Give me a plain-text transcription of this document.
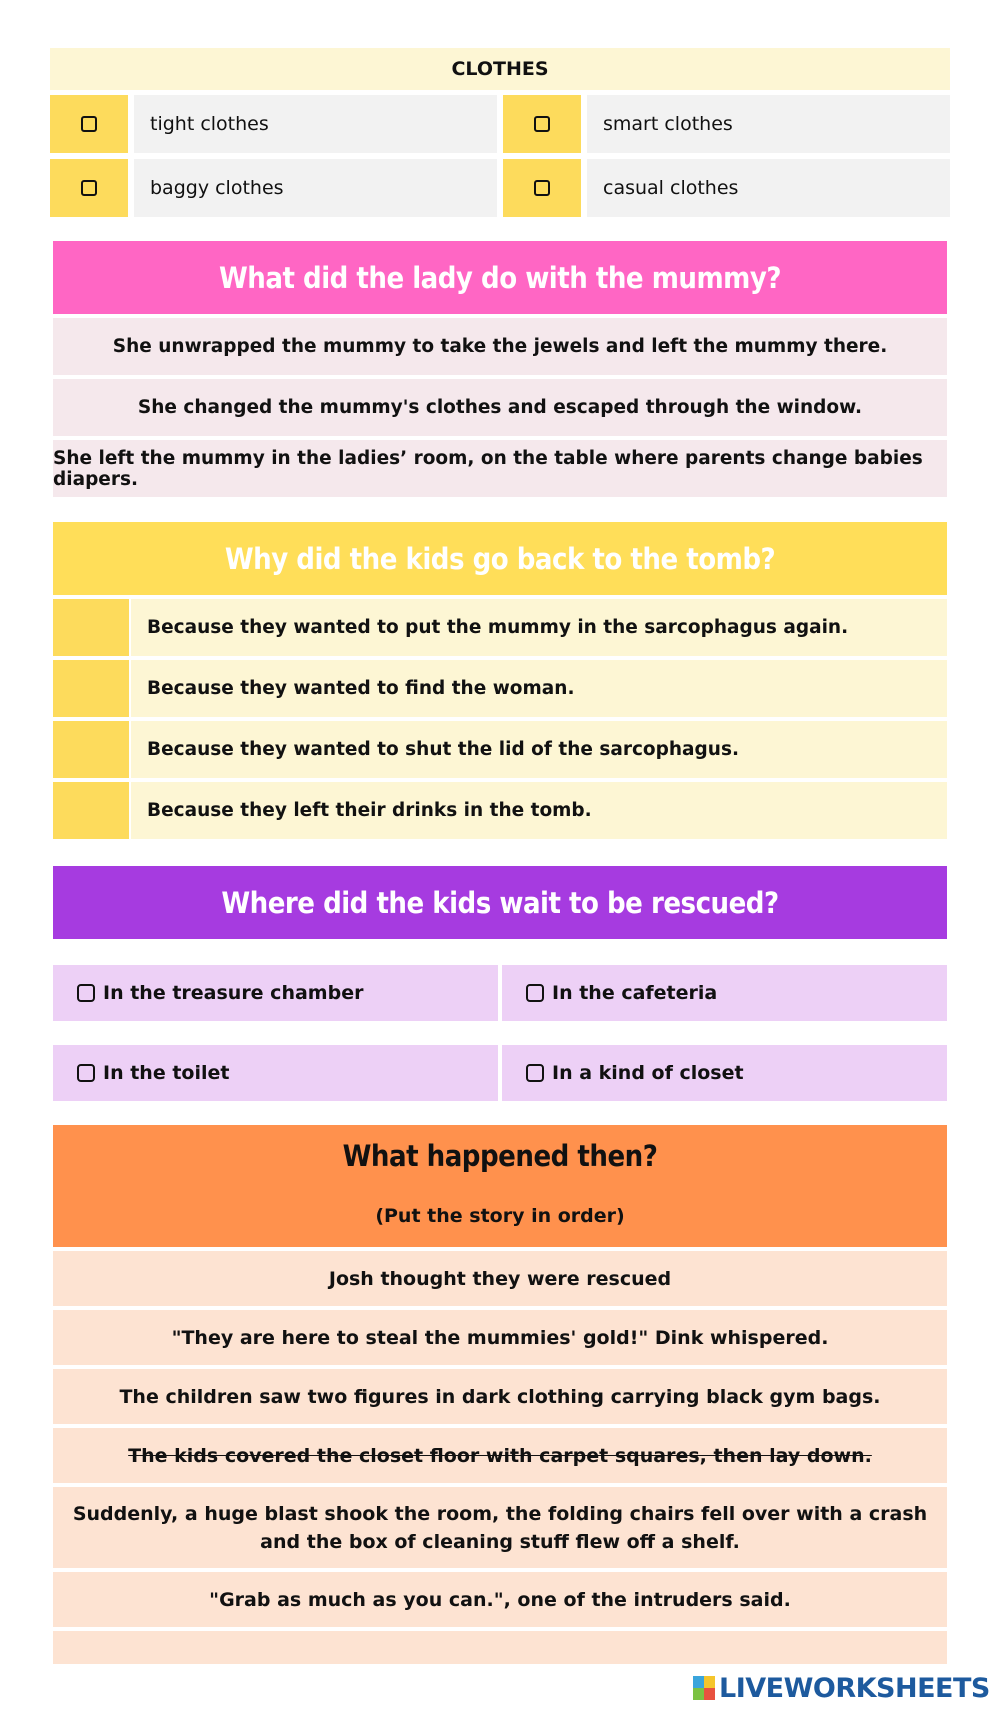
CLOTHES
tight clothes	smart clothes
baggy clothes	casual clothes
What did the lady do with the mummy?
She unwrapped the mummy to take the jewels and left the mummy there.
She changed the mummy's clothes and escaped through the window.
She left the mummy in the ladies’ room, on the table where parents change babies diapers.
Why did the kids go back to the tomb?
Because they wanted to put the mummy in the sarcophagus again.
Because they wanted to find the woman.
Because they wanted to shut the lid of the sarcophagus.
Because they left their drinks in the tomb.
Where did the kids wait to be rescued?
In the treasure chamber	In the cafeteria
In the toilet	In a kind of closet
What happened then?
(Put the story in order)
Josh thought they were rescued
"They are here to steal the mummies' gold!" Dink whispered.
The children saw two figures in dark clothing carrying black gym bags.
The kids covered the closet floor with carpet squares, then lay down.
Suddenly, a huge blast shook the room, the folding chairs fell over with a crash and the box of cleaning stuff flew off a shelf.
"Grab as much as you can.", one of the intruders said.
LIVEWORKSHEETS
